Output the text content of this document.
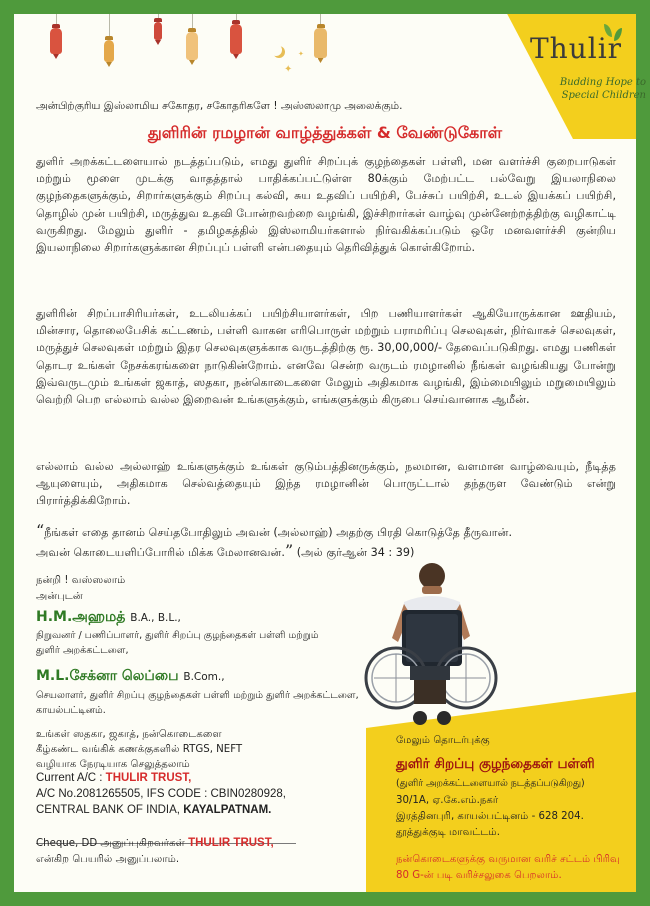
✦
✦	Thulir
Budding Hope to
Special Children
அன்பிற்குரிய இஸ்லாமிய சகோதர, சகோதரிகளே ! அஸ்ஸலாமு அலைக்கும்.
துளிரின் ரமழான் வாழ்த்துக்கள் & வேண்டுகோள்

துளிர் அறக்கட்டளையால் நடத்தப்படும், எமது துளிர் சிறப்புக் குழந்தைகள் பள்ளி, மன வளர்ச்சி குறைபாடுகள் மற்றும் மூளை முடக்கு வாதத்தால் பாதிக்கப்பட்டுள்ள 80க்கும் மேற்பட்ட பல்வேறு இயலாநிலை குழந்தைகளுக்கும், சிறார்களுக்கும் சிறப்பு கல்வி, சுய உதவிப் பயிற்சி, பேச்சுப் பயிற்சி, உடல் இயக்கப் பயிற்சி, தொழில் முன் பயிற்சி, மருத்துவ உதவி போன்றவற்றை வழங்கி, இச்சிறார்கள் வாழ்வு முன்னேற்றத்திற்கு வழிகாட்டி வருகிறது. மேலும் துளிர் - தமிழகத்தில் இஸ்லாமியர்களால் நிர்வகிக்கப்படும் ஒரே மனவளர்ச்சி குன்றிய இயலாநிலை சிறார்களுக்கான சிறப்புப் பள்ளி என்பதையும் தெரிவித்துக் கொள்கிறோம்.

துளிரின் சிறப்பாசிரியர்கள், உடலியக்கப் பயிற்சியாளர்கள், பிற பணியாளர்கள் ஆகியோருக்கான ஊதியம், மின்சார, தொலைபேசிக் கட்டணம், பள்ளி வாகன எரிபொருள் மற்றும் பராமரிப்பு செலவுகள், நிர்வாகச் செலவுகள், மருத்துச் செலவுகள் மற்றும் இதர செலவுகளுக்காக வருடத்திற்கு ரூ. 30,00,000/- தேவைப்படுகிறது. எமது பணிகள் தொடர உங்கள் நேசக்கரங்களை நாடுகின்றோம். எனவே சென்ற வருடம் ரமழானில் நீங்கள் வழங்கியது போன்று இவ்வருடமும் உங்கள் ஜகாத், ஸதகா, நன்கொடைகளை மேலும் அதிகமாக வழங்கி, இம்மையிலும் மறுமையிலும் வெற்றி பெற எல்லாம் வல்ல இறைவன் உங்களுக்கும், எங்களுக்கும் கிருபை செய்வானாக ஆமீன்.

எல்லாம் வல்ல அல்லாஹ் உங்களுக்கும் உங்கள் குடும்பத்தினருக்கும், நலமான, வளமான வாழ்வையும், நீடித்த ஆயுளையும், அதிகமாக செல்வத்தையும் இந்த ரமழானின் பொருட்டால் தந்தருள வேண்டும் என்று பிரார்த்திக்கிறோம்.

“நீங்கள் எதை தானம் செய்தபோதிலும் அவன் (அல்லாஹ்) அதற்கு பிரதி கொடுத்தே தீருவான்.
அவன் கொடையளிப்போரில் மிக்க மேலானவன்.” (அல் குர்ஆன் 34 : 39)
நன்றி ! வஸ்ஸலாம்
அன்புடன்
H.M.அஹமத் B.A., B.L.,
நிறுவனர் / பணிப்பாளர், துளிர் சிறப்பு குழந்தைகள் பள்ளி மற்றும்
துளிர் அறக்கட்டளை,
M.L.சேக்னா லெப்பை B.Com.,
செயலாளர், துளிர் சிறப்பு குழந்தைகள் பள்ளி மற்றும் துளிர் அறக்கட்டளை,
காயல்பட்டினம்.
உங்கள் ஸதகா, ஜகாத், நன்கொடைகளை
கீழ்கண்ட வங்கிக் கணக்குகளில் RTGS, NEFT
வழியாக நேரடியாக செலுத்தலாம்
Current A/C : THULIR TRUST,
A/C No.2081265505, IFS CODE : CBIN0280928,
CENTRAL BANK OF INDIA, KAYALPATNAM.
Cheque, DD அனுப்புகிறவர்கள் THULIR TRUST,
என்கிற பெயரில் அனுப்பலாம்.
மேலும் தொடர்புக்கு
துளிர் சிறப்பு குழந்தைகள் பள்ளி
(துளிர் அறக்கட்டளையால் நடத்தப்படுகிறது)
30/1A, ஏ.கே.எம்.நகர்
இரத்தினபுரி, காயல்பட்டினம் - 628 204.
தூத்துக்குடி மாவட்டம்.
நன்கொடைகளுக்கு வருமான வரிச் சட்டம் பிரிவு
80 G-ன் படி வரிச்சலுகை பெறலாம்.
